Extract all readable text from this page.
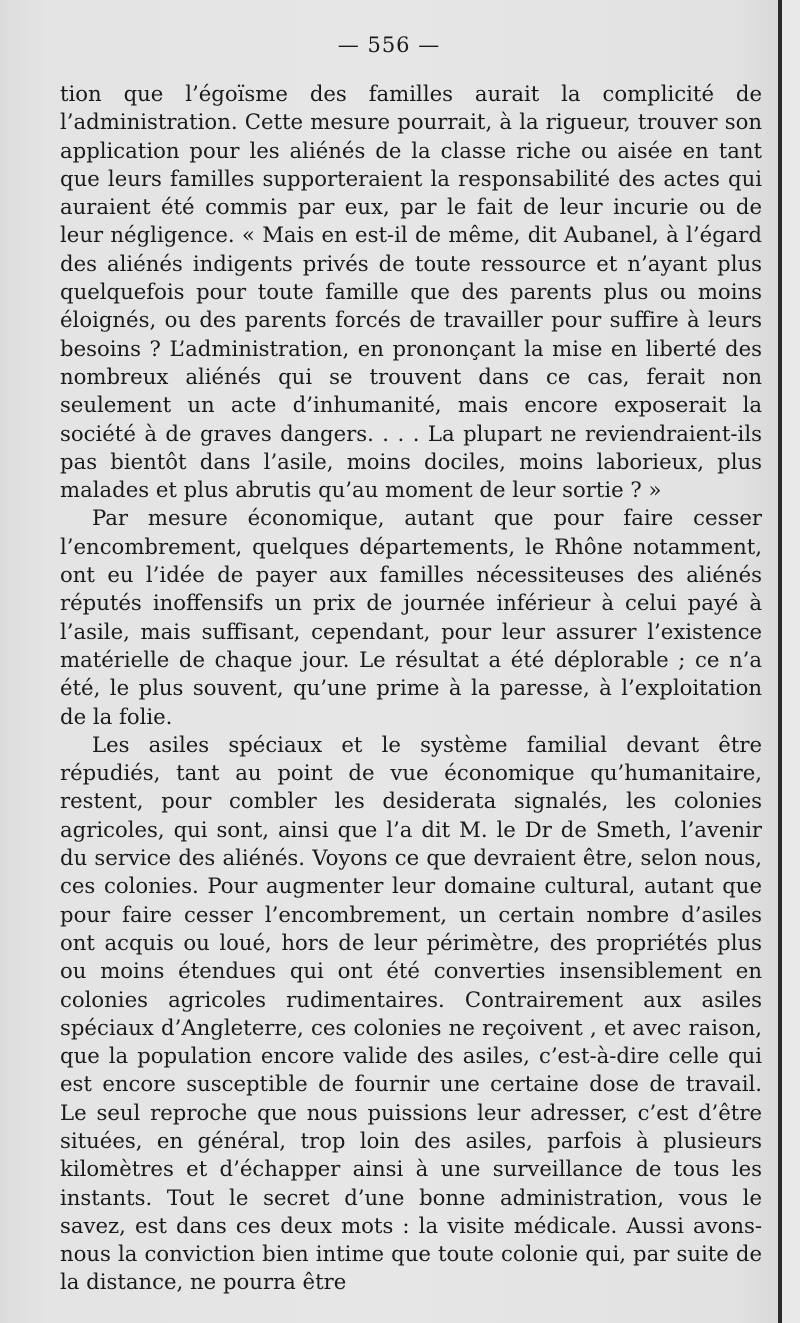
— 556 —

tion que l’égoïsme des familles aurait la complicité de l’administration. Cette mesure pourrait, à la rigueur, trouver son application pour les aliénés de la classe riche ou aisée en tant que leurs familles supporteraient la responsabilité des actes qui auraient été commis par eux, par le fait de leur incurie ou de leur négligence. « Mais en est-il de même, dit Aubanel, à l’égard des aliénés indigents privés de toute ressource et n’ayant plus quelquefois pour toute famille que des parents plus ou moins éloignés, ou des parents forcés de travailler pour suffire à leurs besoins ? L’administration, en prononçant la mise en liberté des nombreux aliénés qui se trouvent dans ce cas, ferait non seulement un acte d’inhumanité, mais encore exposerait la société à de graves dangers. . . . La plupart ne reviendraient-ils pas bientôt dans l’asile, moins dociles, moins laborieux, plus malades et plus abrutis qu’au moment de leur sortie ? »

Par mesure économique, autant que pour faire cesser l’encombrement, quelques départements, le Rhône notamment, ont eu l’idée de payer aux familles nécessiteuses des aliénés réputés inoffensifs un prix de journée inférieur à celui payé à l’asile, mais suffisant, cependant, pour leur assurer l’existence matérielle de chaque jour. Le résultat a été déplorable ; ce n’a été, le plus souvent, qu’une prime à la paresse, à l’exploitation de la folie.

Les asiles spéciaux et le système familial devant être répudiés, tant au point de vue économique qu’humanitaire, restent, pour combler les desiderata signalés, les colonies agricoles, qui sont, ainsi que l’a dit M. le Dr de Smeth, l’avenir du service des aliénés. Voyons ce que devraient être, selon nous, ces colonies. Pour augmenter leur domaine cultural, autant que pour faire cesser l’encombrement, un certain nombre d’asiles ont acquis ou loué, hors de leur périmètre, des propriétés plus ou moins étendues qui ont été converties insensiblement en colonies agricoles rudimentaires. Contrairement aux asiles spéciaux d’Angleterre, ces colonies ne reçoivent , et avec raison, que la population encore valide des asiles, c’est-à-dire celle qui est encore susceptible de fournir une certaine dose de travail. Le seul reproche que nous puissions leur adresser, c’est d’être situées, en général, trop loin des asiles, parfois à plusieurs kilomètres et d’échapper ainsi à une surveillance de tous les instants. Tout le secret d’une bonne administration, vous le savez, est dans ces deux mots : la visite médicale. Aussi avons-nous la conviction bien intime que toute colonie qui, par suite de la distance, ne pourra être
